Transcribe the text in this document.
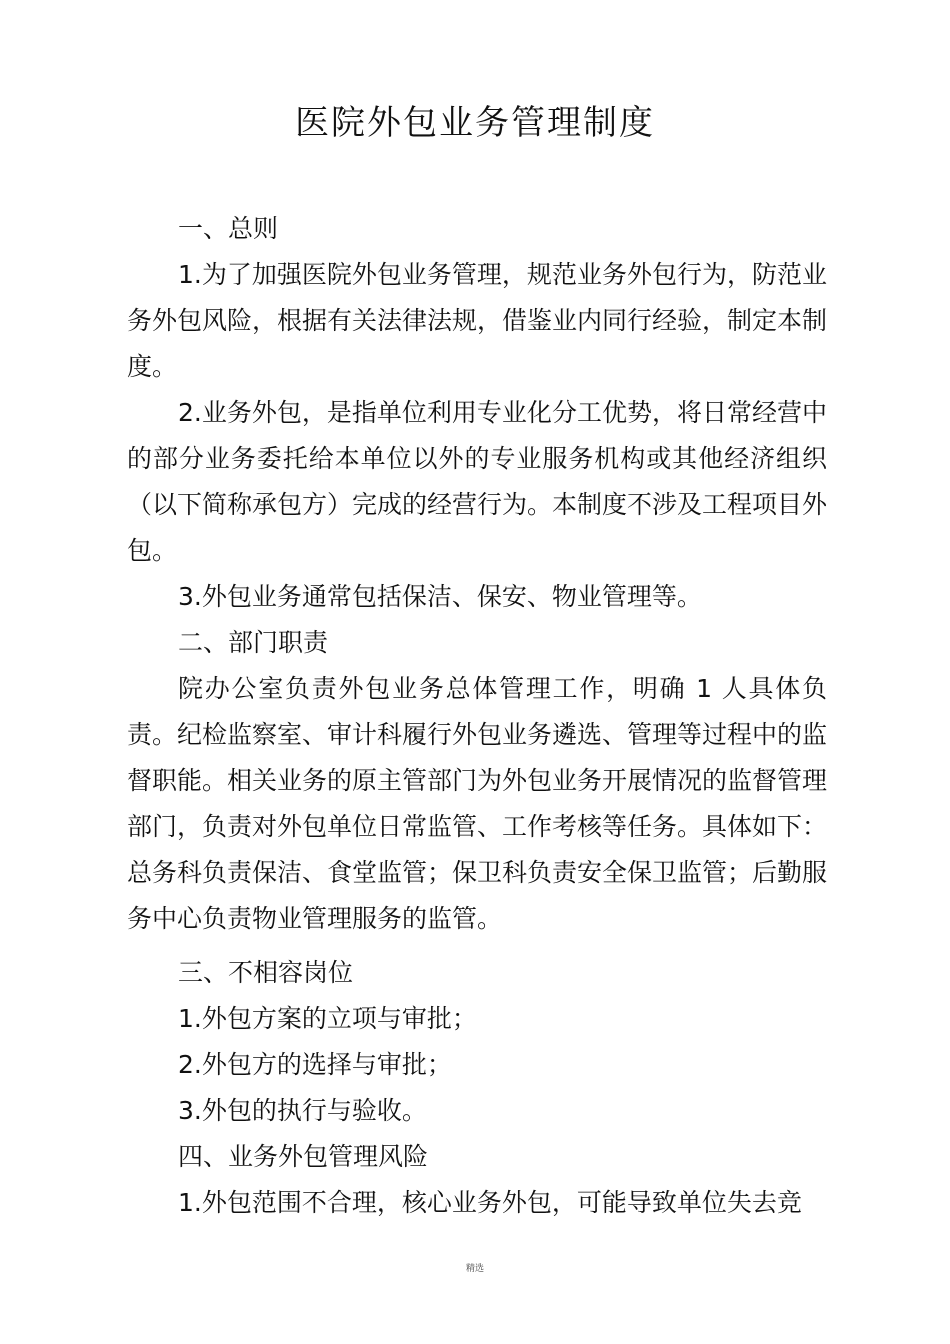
医院外包业务管理制度
一、总则

1.为了加强医院外包业务管理，规范业务外包行为，防范业务外包风险，根据有关法律法规，借鉴业内同行经验，制定本制度。

2.业务外包，是指单位利用专业化分工优势，将日常经营中的部分业务委托给本单位以外的专业服务机构或其他经济组织（以下简称承包方）完成的经营行为。本制度不涉及工程项目外包。

3.外包业务通常包括保洁、保安、物业管理等。

二、部门职责

院办公室负责外包业务总体管理工作，明确 1 人具体负责。纪检监察室、审计科履行外包业务遴选、管理等过程中的监督职能。相关业务的原主管部门为外包业务开展情况的监督管理部门，负责对外包单位日常监管、工作考核等任务。具体如下：总务科负责保洁、食堂监管；保卫科负责安全保卫监管；后勤服务中心负责物业管理服务的监管。

三、不相容岗位

1.外包方案的立项与审批；

2.外包方的选择与审批；

3.外包的执行与验收。

四、业务外包管理风险

1.外包范围不合理，核心业务外包，可能导致单位失去竞

精选
